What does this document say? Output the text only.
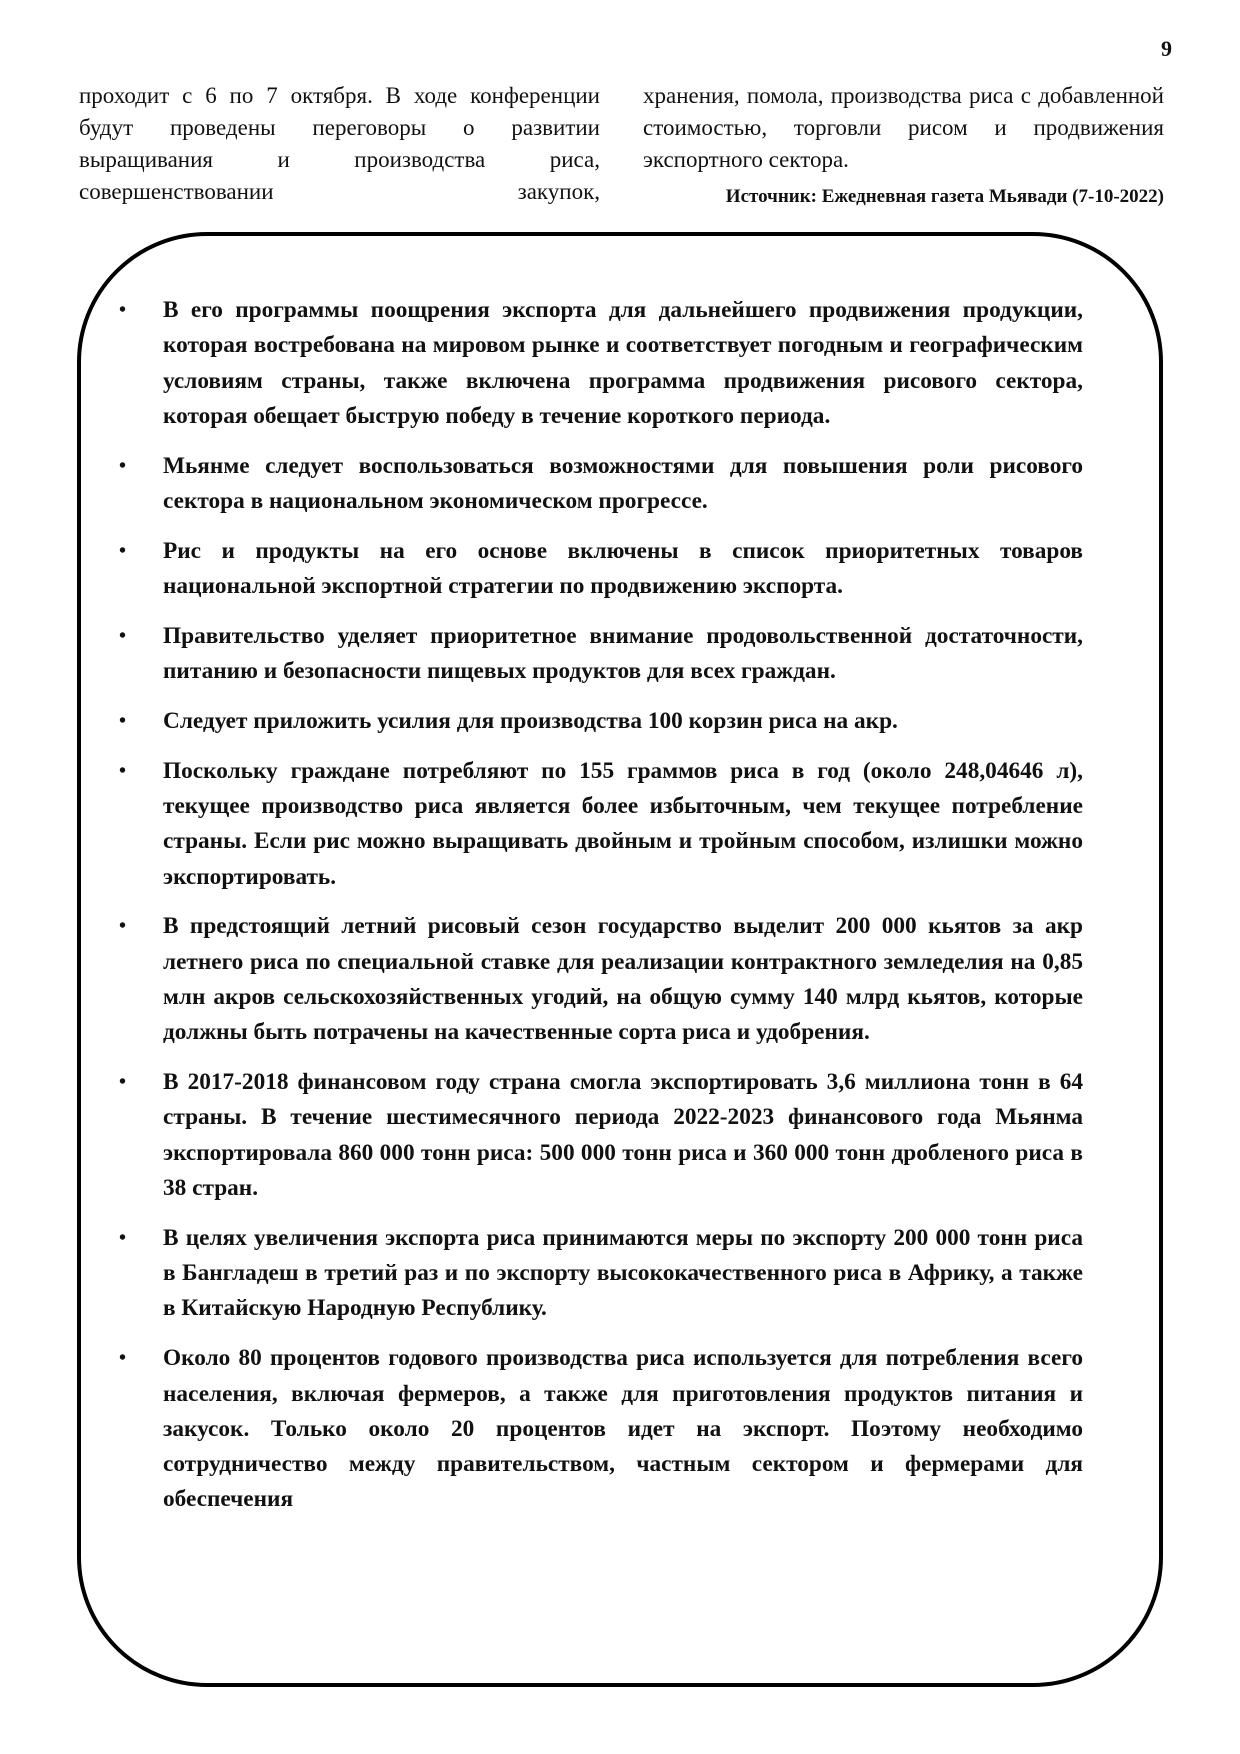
9
проходит с 6 по 7 октября. В ходе конференции будут проведены переговоры о развитии выращивания и производства риса, совершенствовании закупок,

хранения, помола, производства риса с добавленной стоимостью, торговли рисом и продвижения экспортного сектора.

Источник: Ежедневная газета Мьявади (7-10-2022)
• В его программы поощрения экспорта для дальнейшего продвижения продукции, которая востребована на мировом рынке и соответствует погодным и географическим условиям страны, также включена программа продвижения рисового сектора, которая обещает быструю победу в течение короткого периода.
• Мьянме следует воспользоваться возможностями для повышения роли рисового сектора в национальном экономическом прогрессе.
• Рис и продукты на его основе включены в список приоритетных товаров национальной экспортной стратегии по продвижению экспорта.
• Правительство уделяет приоритетное внимание продовольственной достаточности, питанию и безопасности пищевых продуктов для всех граждан.
• Следует приложить усилия для производства 100 корзин риса на акр.
• Поскольку граждане потребляют по 155 граммов риса в год (около 248,04646 л), текущее производство риса является более избыточным, чем текущее потребление страны. Если рис можно выращивать двойным и тройным способом, излишки можно экспортировать.
• В предстоящий летний рисовый сезон государство выделит 200 000 кьятов за акр летнего риса по специальной ставке для реализации контрактного земледелия на 0,85 млн акров сельскохозяйственных угодий, на общую сумму 140 млрд кьятов, которые должны быть потрачены на качественные сорта риса и удобрения.
• В 2017-2018 финансовом году страна смогла экспортировать 3,6 миллиона тонн в 64 страны. В течение шестимесячного периода 2022-2023 финансового года Мьянма экспортировала 860 000 тонн риса: 500 000 тонн риса и 360 000 тонн дробленого риса в 38 стран.
• В целях увеличения экспорта риса принимаются меры по экспорту 200 000 тонн риса в Бангладеш в третий раз и по экспорту высококачественного риса в Африку, а также в Китайскую Народную Республику.
• Около 80 процентов годового производства риса используется для потребления всего населения, включая фермеров, а также для приготовления продуктов питания и закусок. Только около 20 процентов идет на экспорт. Поэтому необходимо сотрудничество между правительством, частным сектором и фермерами для обеспечения
